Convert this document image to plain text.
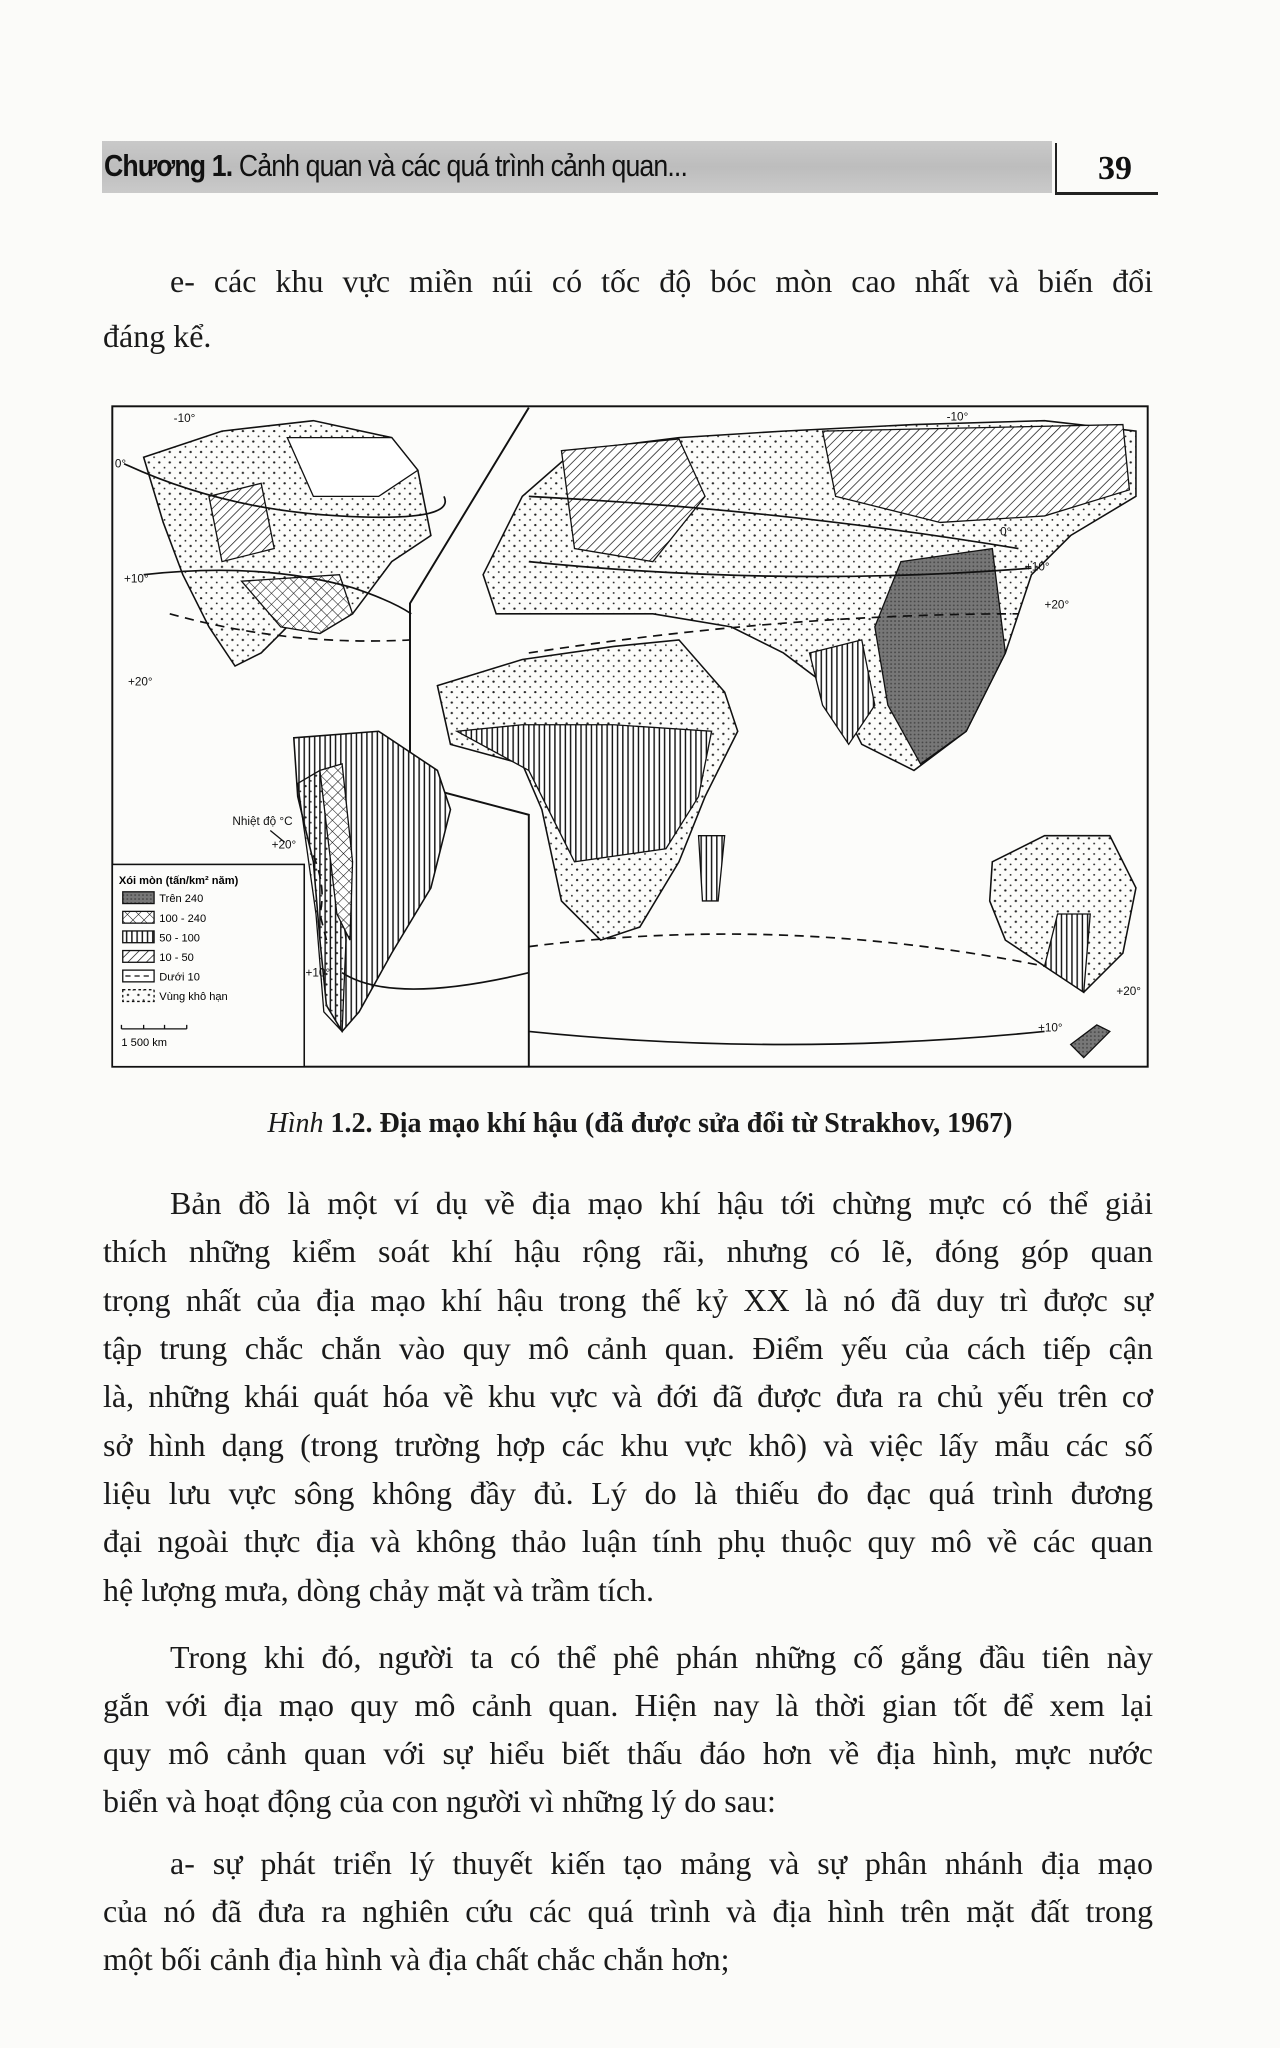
Chương 1. Cảnh quan và các quá trình cảnh quan...	39
e- các khu vực miền núi có tốc độ bóc mòn cao nhất và biến đổi
đáng kể.
-10°
0°
+10°
+20°
+20°
+10°
-10°
0°
+10°
+20°
+20°
+10°
Nhiệt độ °C
Xói mòn (tấn/km² năm)
Trên 240
100 - 240
50 - 100
10 - 50
Dưới 10
Vùng khô hạn
1 500 km
Hình 1.2. Địa mạo khí hậu (đã được sửa đổi từ Strakhov, 1967)
Bản đồ là một ví dụ về địa mạo khí hậu tới chừng mực có thể giải
thích những kiểm soát khí hậu rộng rãi, nhưng có lẽ, đóng góp quan
trọng nhất của địa mạo khí hậu trong thế kỷ XX là nó đã duy trì được sự
tập trung chắc chắn vào quy mô cảnh quan. Điểm yếu của cách tiếp cận
là, những khái quát hóa về khu vực và đới đã được đưa ra chủ yếu trên cơ
sở hình dạng (trong trường hợp các khu vực khô) và việc lấy mẫu các số
liệu lưu vực sông không đầy đủ. Lý do là thiếu đo đạc quá trình đương
đại ngoài thực địa và không thảo luận tính phụ thuộc quy mô về các quan
hệ lượng mưa, dòng chảy mặt và trầm tích.
Trong khi đó, người ta có thể phê phán những cố gắng đầu tiên này
gắn với địa mạo quy mô cảnh quan. Hiện nay là thời gian tốt để xem lại
quy mô cảnh quan với sự hiểu biết thấu đáo hơn về địa hình, mực nước
biển và hoạt động của con người vì những lý do sau:
a- sự phát triển lý thuyết kiến tạo mảng và sự phân nhánh địa mạo
của nó đã đưa ra nghiên cứu các quá trình và địa hình trên mặt đất trong
một bối cảnh địa hình và địa chất chắc chắn hơn;
